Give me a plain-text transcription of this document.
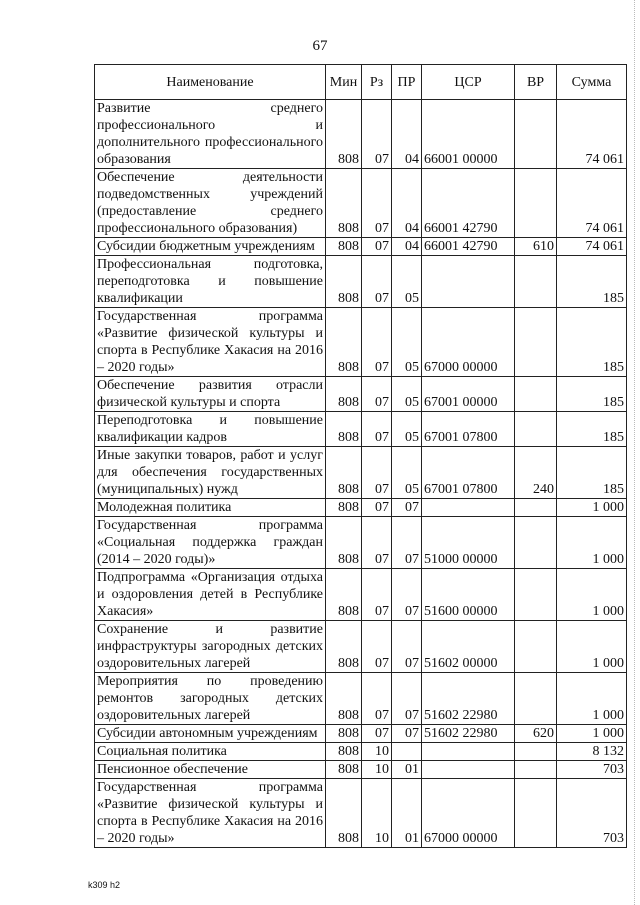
67
Наименование	Мин	Рз	ПР	ЦСР	ВР	Сумма
Развитие среднего профессионального и дополнительного профессионального образования	808	07	04	66001 00000		74 061
Обеспечение деятельности подведомственных учреждений (предоставление среднего профессионального образования)	808	07	04	66001 42790		74 061
Субсидии бюджетным учреждениям	808	07	04	66001 42790	610	74 061
Профессиональная подготовка, переподготовка и повышение квалификации	808	07	05			185
Государственная программа «Развитие физической культуры и спорта в Республике Хакасия на 2016 – 2020 годы»	808	07	05	67000 00000		185
Обеспечение развития отрасли физической культуры и спорта	808	07	05	67001 00000		185
Переподготовка и повышение квалификации кадров	808	07	05	67001 07800		185
Иные закупки товаров, работ и услуг для обеспечения государственных (муниципальных) нужд	808	07	05	67001 07800	240	185
Молодежная политика	808	07	07			1 000
Государственная программа «Социальная поддержка граждан (2014 – 2020 годы)»	808	07	07	51000 00000		1 000
Подпрограмма «Организация отдыха и оздоровления детей в Республике Хакасия»	808	07	07	51600 00000		1 000
Сохранение и развитие инфраструктуры загородных детских оздоровительных лагерей	808	07	07	51602 00000		1 000
Мероприятия по проведению ремонтов загородных детских оздоровительных лагерей	808	07	07	51602 22980		1 000
Субсидии автономным учреждениям	808	07	07	51602 22980	620	1 000
Социальная политика	808	10				8 132
Пенсионное обеспечение	808	10	01			703
Государственная программа «Развитие физической культуры и спорта в Республике Хакасия на 2016 – 2020 годы»	808	10	01	67000 00000		703
k309 h2
